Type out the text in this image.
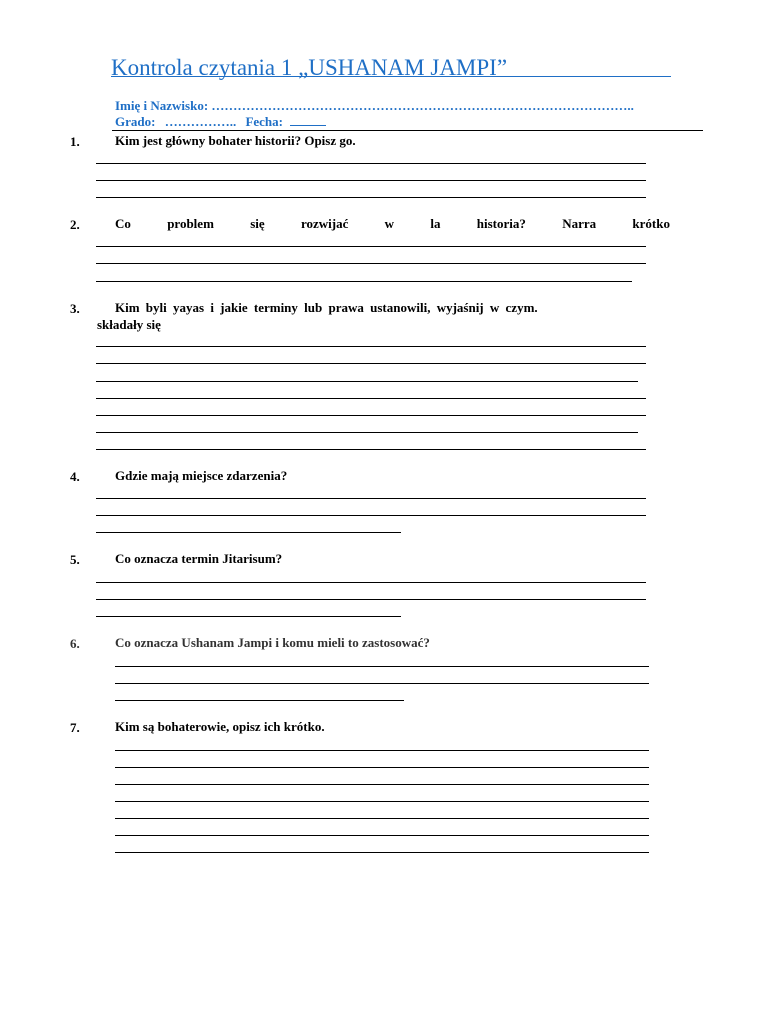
Kontrola czytania 1 „USHANAM JAMPI”
Imię i Nazwisko: ……………………………………………………………………………………..
Grado: …………….. Fecha:
1.	Kim jest główny bohater historii? Opisz go.
2.	Co	problem	się	rozwijać	w	la	historia?	Narra	krótko
3.	Kim byli yayas i jakie terminy lub prawa ustanowili, wyjaśnij w czym.
składały się
4.	Gdzie mają miejsce zdarzenia?
5.	Co oznacza termin Jitarisum?
6.	Co oznacza Ushanam Jampi i komu mieli to zastosować?
7.	Kim są bohaterowie, opisz ich krótko.
